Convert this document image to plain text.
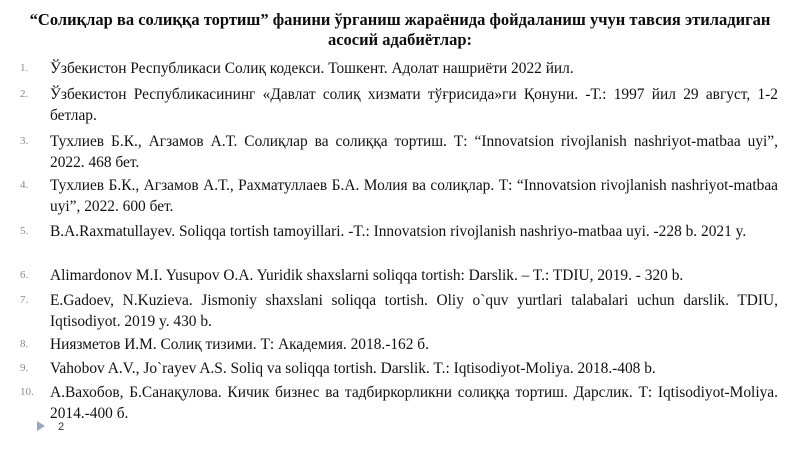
“Солиқлар ва солиққа тортиш” фанини ўрганиш жараёнида фойдаланиш учун тавсия этиладиган
асосий адабиётлар:
1.	Ўзбекистон Республикаси Солиқ кодекси. Тошкент. Адолат нашриёти 2022 йил.
2.	Ўзбекистон Республикасининг «Давлат солиқ хизмати тўғрисида»ги Қонуни. -Т.: 1997 йил 29 август, 1-2 бетлар.
3.	Тухлиев Б.К., Агзамов А.Т. Солиқлар ва солиққа тортиш. Т: “Innovatsion rivojlanish nashriyot-matbaa uyi”, 2022. 468 бет.
4.	Тухлиев Б.К., Агзамов А.Т., Рахматуллаев Б.А. Молия ва солиқлар. Т: “Innovatsion rivojlanish nashriyot-matbaa uyi”, 2022. 600 бет.
5.	B.A.Raxmatullayev. Soliqqa tortish tamoyillari. -T.: Innovatsion rivojlanish nashriyo-matbaa uyi. -228 b. 2021 y.
6.	Alimardonov M.I. Yusupov O.A. Yuridik shaxslarni soliqqa tortish: Darslik. – T.: TDIU, 2019. - 320 b.
7.	E.Gadoev, N.Kuzieva. Jismoniy shaxslani soliqqa tortish. Oliy o`quv yurtlari talabalari uchun darslik. TDIU, Iqtisodiyot. 2019 y. 430 b.
8.	Ниязметов И.М. Солиқ тизими. Т: Академия. 2018.-162 б.
9.	Vahobov A.V., Jo`rayev A.S. Soliq va soliqqa tortish. Darslik. T.: Iqtisodiyot-Moliya. 2018.-408 b.
10.	А.Вахобов, Б.Санақулова. Кичик бизнес ва тадбиркорликни солиққа тортиш. Дарслик. Т: Iqtisodiyot-Moliya. 2014.-400 б.
2
